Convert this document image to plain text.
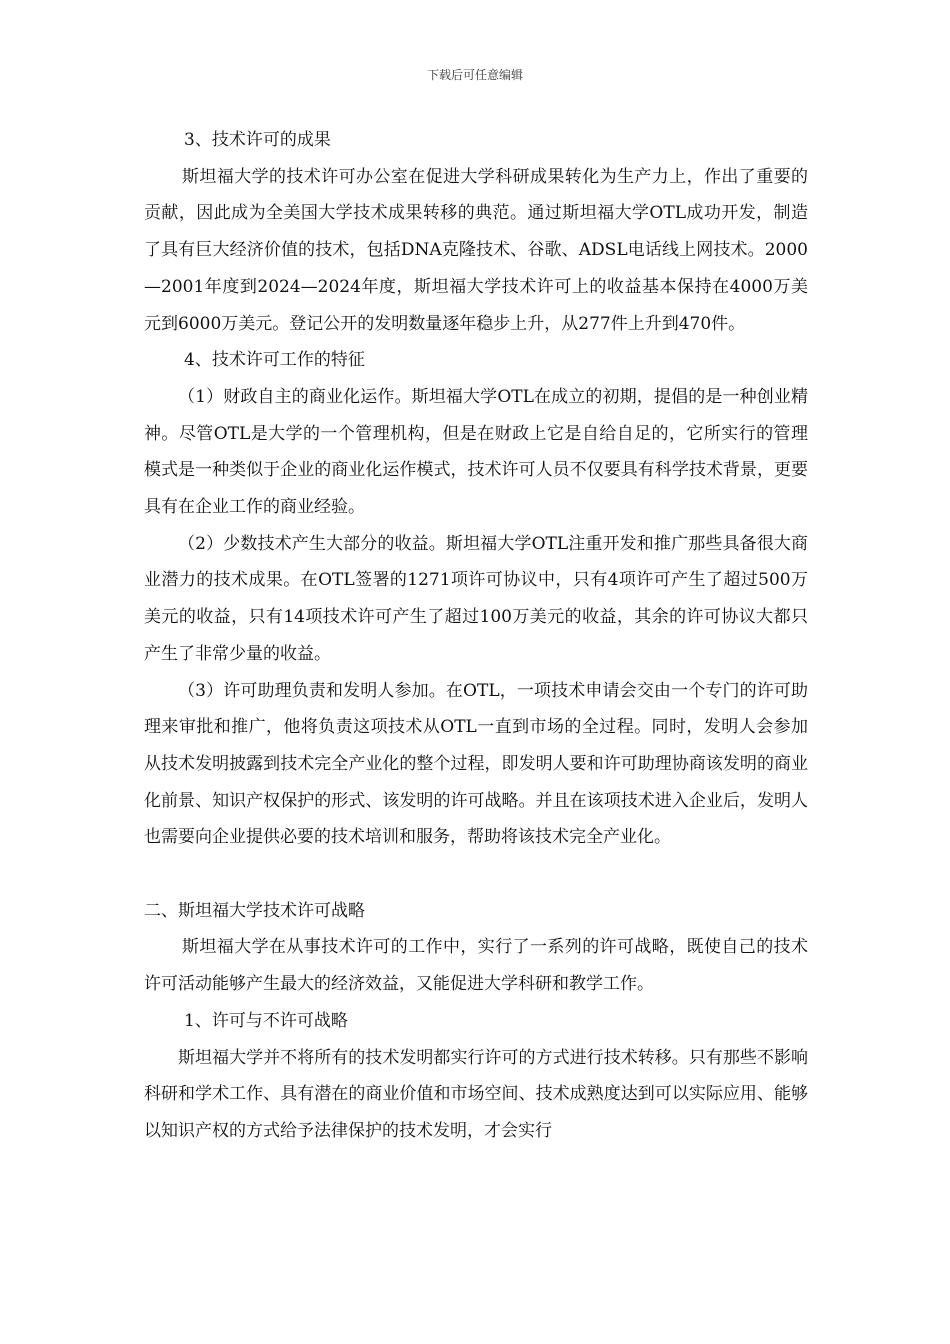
下载后可任意编辑

3、技术许可的成果

斯坦福大学的技术许可办公室在促进大学科研成果转化为生产力上，作出了重要的贡献，因此成为全美国大学技术成果转移的典范。通过斯坦福大学OTL成功开发，制造了具有巨大经济价值的技术，包括DNA克隆技术、谷歌、ADSL电话线上网技术。2000—2001年度到2024—2024年度，斯坦福大学技术许可上的收益基本保持在4000万美元到6000万美元。登记公开的发明数量逐年稳步上升，从277件上升到470件。

4、技术许可工作的特征

（1）财政自主的商业化运作。斯坦福大学OTL在成立的初期，提倡的是一种创业精神。尽管OTL是大学的一个管理机构，但是在财政上它是自给自足的，它所实行的管理模式是一种类似于企业的商业化运作模式，技术许可人员不仅要具有科学技术背景，更要具有在企业工作的商业经验。

（2）少数技术产生大部分的收益。斯坦福大学OTL注重开发和推广那些具备很大商业潜力的技术成果。在OTL签署的1271项许可协议中，只有4项许可产生了超过500万美元的收益，只有14项技术许可产生了超过100万美元的收益，其余的许可协议大都只产生了非常少量的收益。

（3）许可助理负责和发明人参加。在OTL，一项技术申请会交由一个专门的许可助理来审批和推广，他将负责这项技术从OTL一直到市场的全过程。同时，发明人会参加从技术发明披露到技术完全产业化的整个过程，即发明人要和许可助理协商该发明的商业化前景、知识产权保护的形式、该发明的许可战略。并且在该项技术进入企业后，发明人也需要向企业提供必要的技术培训和服务，帮助将该技术完全产业化。

二、斯坦福大学技术许可战略

斯坦福大学在从事技术许可的工作中，实行了一系列的许可战略，既使自己的技术许可活动能够产生最大的经济效益，又能促进大学科研和教学工作。

1、许可与不许可战略

斯坦福大学并不将所有的技术发明都实行许可的方式进行技术转移。只有那些不影响科研和学术工作、具有潜在的商业价值和市场空间、技术成熟度达到可以实际应用、能够以知识产权的方式给予法律保护的技术发明，才会实行
